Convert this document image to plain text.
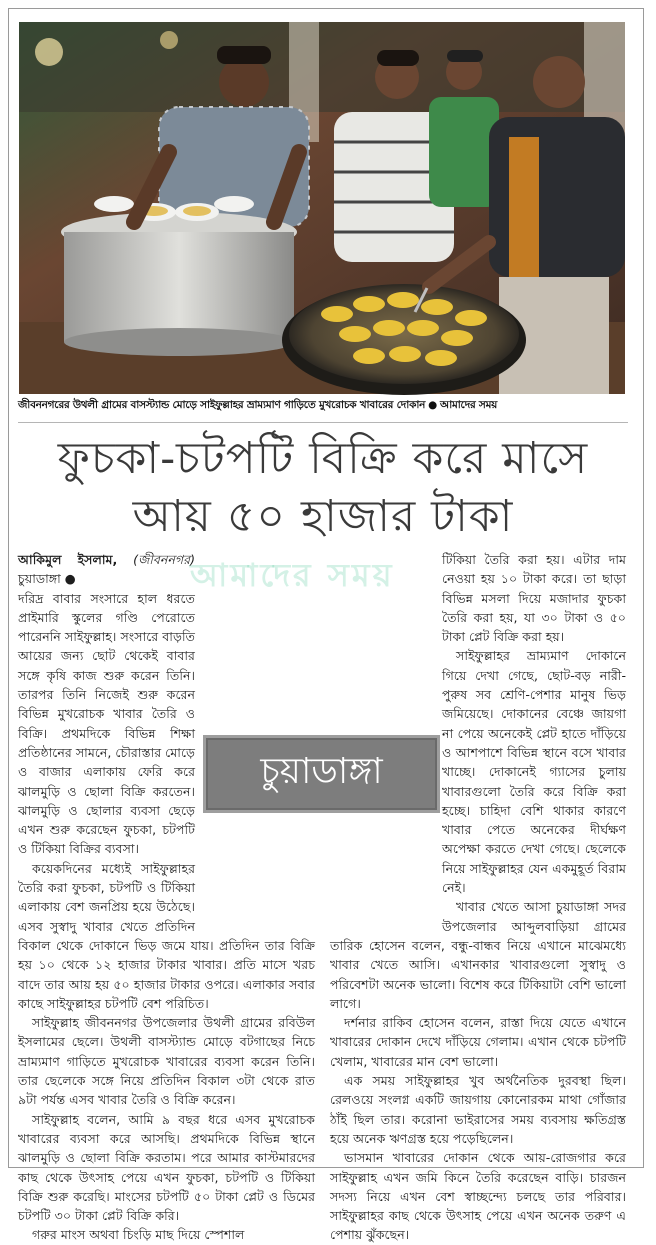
জীবননগরের উথলী গ্রামের বাসস্ট্যান্ড মোড়ে সাইফুল্লাহর ভ্রাম্যমাণ গাড়িতে মুখরোচক খাবারের দোকান ● আমাদের সময়
ফুচকা-চটপটি বিক্রি করে মাসে
আয় ৫০ হাজার টাকা
আমাদের সময়

আকিমুল ইসলাম, (জীবননগর) চুয়াডাঙ্গা ●

দরিদ্র বাবার সংসারে হাল ধরতে প্রাইমারি স্কুলের গণ্ডি পেরোতে পারেননি সাইফুল্লাহ। সংসারে বাড়তি আয়ের জন্য ছোট থেকেই বাবার সঙ্গে কৃষি কাজ শুরু করেন তিনি। তারপর তিনি নিজেই শুরু করেন বিভিন্ন মুখরোচক খাবার তৈরি ও বিক্রি। প্রথমদিকে বিভিন্ন শিক্ষা প্রতিষ্ঠানের সামনে, চৌরাস্তার মোড়ে ও বাজার এলাকায় ফেরি করে ঝালমুড়ি ও ছোলা বিক্রি করতেন। ঝালমুড়ি ও ছোলার ব্যবসা ছেড়ে এখন শুরু করেছেন ফুচকা, চটপটি ও টিকিয়া বিক্রির ব্যবসা।

কয়েকদিনের মধ্যেই সাইফুল্লাহর তৈরি করা ফুচকা, চটপটি ও টিকিয়া এলাকায় বেশ জনপ্রিয় হয়ে উঠেছে। এসব সুস্বাদু খাবার খেতে প্রতিদিন বিকাল থেকে দোকানে ভিড় জমে যায়। প্রতিদিন তার বিক্রি হয় ১০ থেকে ১২ হাজার টাকার খাবার। প্রতি মাসে খরচ বাদে তার আয় হয় ৫০ হাজার টাকার ওপরে। এলাকার সবার কাছে সাইফুল্লাহর চটপটি বেশ পরিচিত।

সাইফুল্লাহ জীবননগর উপজেলার উথলী গ্রামের রবিউল ইসলামের ছেলে। উথলী বাসস্ট্যান্ড মোড়ে বটগাছের নিচে ভ্রাম্যমাণ গাড়িতে মুখরোচক খাবারের ব্যবসা করেন তিনি। তার ছেলেকে সঙ্গে নিয়ে প্রতিদিন বিকাল ৩টা থেকে রাত ৯টা পর্যন্ত এসব খাবার তৈরি ও বিক্রি করেন।

সাইফুল্লাহ বলেন, আমি ৯ বছর ধরে এসব মুখরোচক খাবারের ব্যবসা করে আসছি। প্রথমদিকে বিভিন্ন স্থানে ঝালমুড়ি ও ছোলা বিক্রি করতাম। পরে আমার কাস্টমারদের কাছ থেকে উৎসাহ পেয়ে এখন ফুচকা, চটপটি ও টিকিয়া বিক্রি শুরু করেছি। মাংসের চটপটি ৫০ টাকা প্লেট ও ডিমের চটপটি ৩০ টাকা প্লেট বিক্রি করি।

গরুর মাংস অথবা চিংড়ি মাছ দিয়ে স্পেশাল

টিকিয়া তৈরি করা হয়। এটার দাম নেওয়া হয় ১০ টাকা করে। তা ছাড়া বিভিন্ন মসলা দিয়ে মজাদার ফুচকা তৈরি করা হয়, যা ৩০ টাকা ও ৫০ টাকা প্লেট বিক্রি করা হয়।

সাইফুল্লাহর ভ্রাম্যমাণ দোকানে গিয়ে দেখা গেছে, ছোট-বড় নারী-পুরুষ সব শ্রেণি-পেশার মানুষ ভিড় জমিয়েছে। দোকানের বেঞ্চে জায়গা না পেয়ে অনেকেই প্লেট হাতে দাঁড়িয়ে ও আশপাশে বিভিন্ন স্থানে বসে খাবার খাচ্ছে। দোকানেই গ্যাসের চুলায় খাবারগুলো তৈরি করে বিক্রি করা হচ্ছে। চাহিদা বেশি থাকার কারণে খাবার পেতে অনেকের দীর্ঘক্ষণ অপেক্ষা করতে দেখা গেছে। ছেলেকে নিয়ে সাইফুল্লাহর যেন একমুহূর্ত বিরাম নেই।

খাবার খেতে আসা চুয়াডাঙ্গা সদর উপজেলার আব্দুলবাড়িয়া গ্রামের তারিক হোসেন বলেন, বন্ধু-বান্ধব নিয়ে এখানে মাঝেমধ্যে খাবার খেতে আসি। এখানকার খাবারগুলো সুস্বাদু ও পরিবেশটা অনেক ভালো। বিশেষ করে টিকিয়াটা বেশি ভালো লাগে।

দর্শনার রাকিব হোসেন বলেন, রাস্তা দিয়ে যেতে এখানে খাবারের দোকান দেখে দাঁড়িয়ে গেলাম। এখান থেকে চটপটি খেলাম, খাবারের মান বেশ ভালো।

এক সময় সাইফুল্লাহর খুব অর্থনৈতিক দুরবস্থা ছিল। রেলওয়ে সংলগ্ন একটি জায়গায় কোনোরকম মাথা গোঁজার ঠাঁই ছিল তার। করোনা ভাইরাসের সময় ব্যবসায় ক্ষতিগ্রস্ত হয়ে অনেক ঋণগ্রস্ত হয়ে পড়েছিলেন।

ভাসমান খাবারের দোকান থেকে আয়-রোজগার করে সাইফুল্লাহ এখন জমি কিনে তৈরি করেছেন বাড়ি। চারজন সদস্য নিয়ে এখন বেশ স্বাচ্ছন্দ্যে চলছে তার পরিবার। সাইফুল্লাহর কাছ থেকে উৎসাহ পেয়ে এখন অনেক তরুণ এ পেশায় ঝুঁকছেন।

চুয়াডাঙ্গা
